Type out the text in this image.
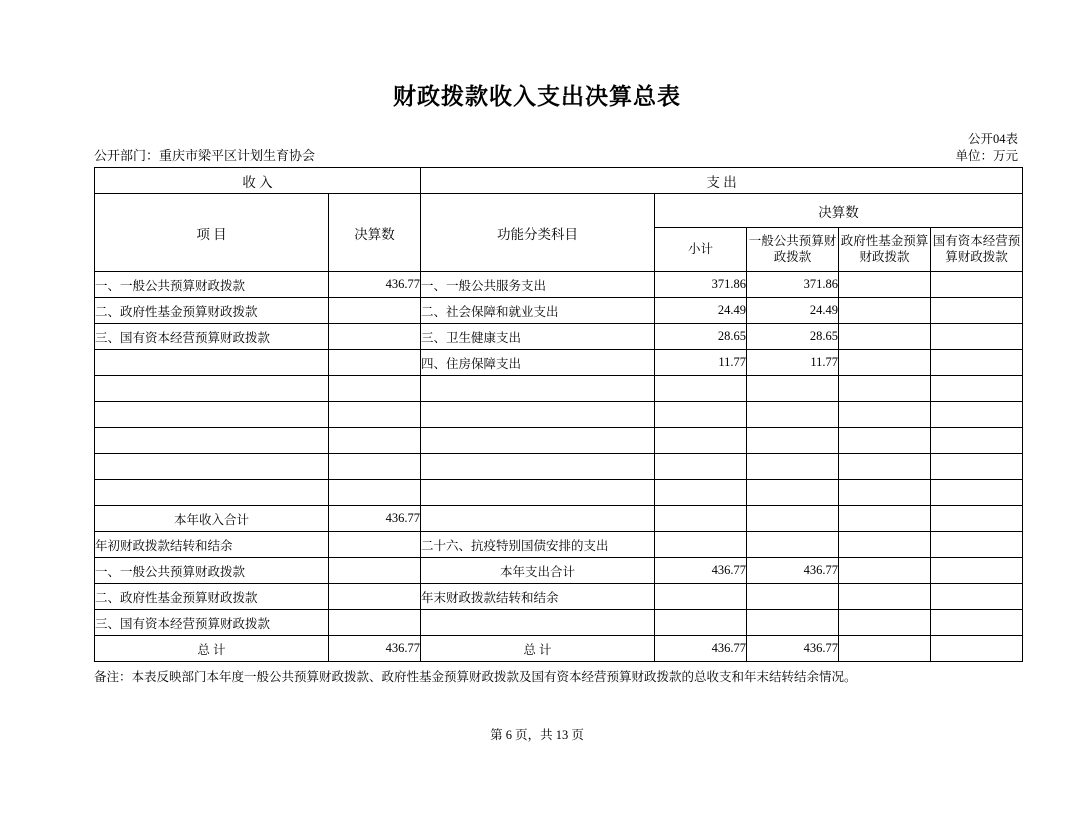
财政拨款收入支出决算总表
公开部门：重庆市梁平区计划生育协会
公开04表
单位：万元
收 入		支 出				
项 目	决算数	功能分类科目	决算数			
			小计	一般公共预算财政拨款	政府性基金预算财政拨款	国有资本经营预算财政拨款
一、一般公共预算财政拨款	436.77	一、一般公共服务支出	371.86	371.86		
二、政府性基金预算财政拨款		二、社会保障和就业支出	24.49	24.49		
三、国有资本经营预算财政拨款		三、卫生健康支出	28.65	28.65		
		四、住房保障支出	11.77	11.77		

本年收入合计	436.77					
年初财政拨款结转和结余		二十六、抗疫特别国债安排的支出				
一、一般公共预算财政拨款		本年支出合计	436.77	436.77		
二、政府性基金预算财政拨款		年末财政拨款结转和结余				
三、国有资本经营预算财政拨款						
总 计	436.77	总 计	436.77	436.77		
备注：本表反映部门本年度一般公共预算财政拨款、政府性基金预算财政拨款及国有资本经营预算财政拨款的总收支和年末结转结余情况。
第 6 页，共 13 页
